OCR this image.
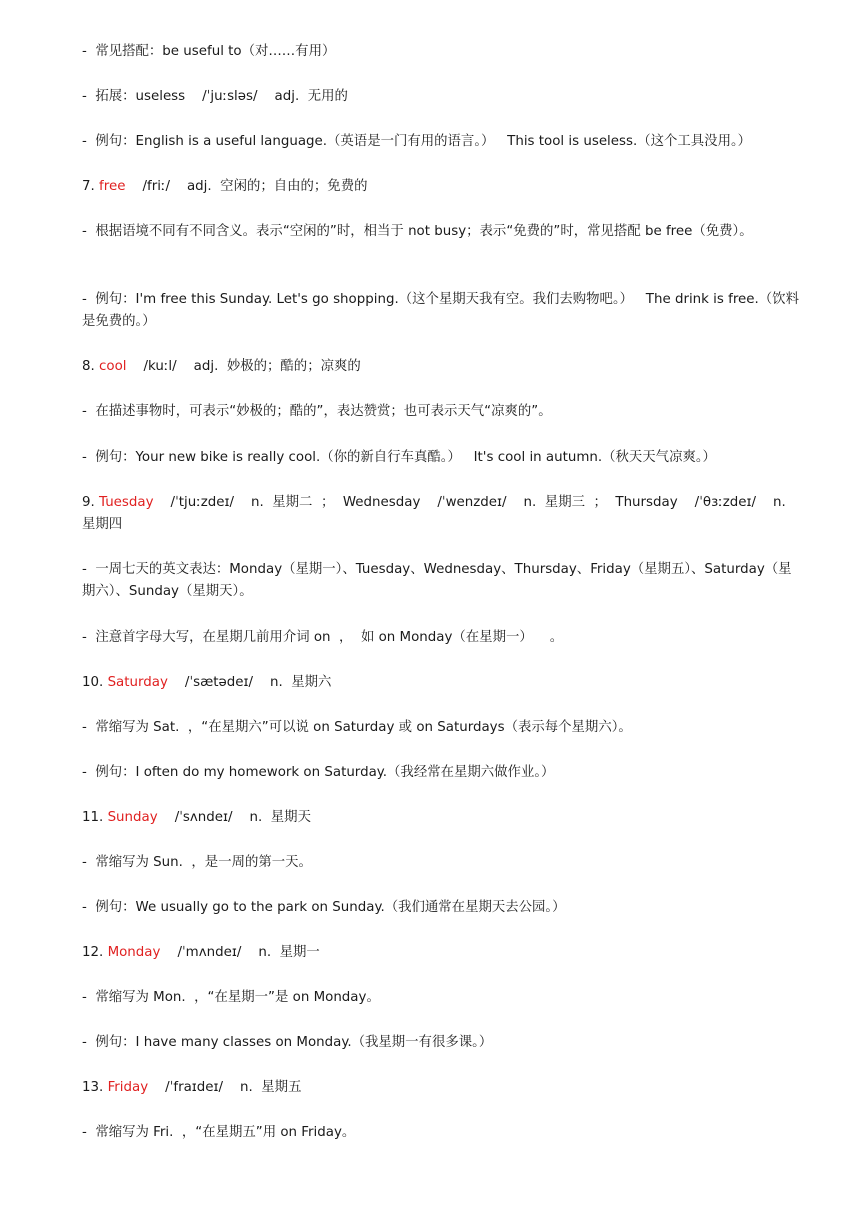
-  常见搭配：be useful to（对……有用）
-  拓展：useless    /ˈjuːsləs/    adj.  无用的
-  例句：English is a useful language.（英语是一门有用的语言。）   This tool is useless.（这个工具没用。）
7. free    /friː/    adj.  空闲的；自由的；免费的
-  根据语境不同有不同含义。表示“空闲的”时，相当于 not busy；表示“免费的”时，常见搭配 be free（免费）。
-  例句：I'm free this Sunday. Let's go shopping.（这个星期天我有空。我们去购物吧。）   The drink is free.（饮料是免费的。）
8. cool    /kuːl/    adj.  妙极的；酷的；凉爽的
-  在描述事物时，可表示“妙极的；酷的”，表达赞赏；也可表示天气“凉爽的”。
-  例句：Your new bike is really cool.（你的新自行车真酷。）   It's cool in autumn.（秋天天气凉爽。）
9. Tuesday    /ˈtjuːzdeɪ/    n.  星期二  ；  Wednesday    /ˈwenzdeɪ/    n.  星期三  ；  Thursday    /ˈθɜːzdeɪ/    n.  星期四
-  一周七天的英文表达：Monday（星期一）、Tuesday、Wednesday、Thursday、Friday（星期五）、Saturday（星期六）、Sunday（星期天）。
-  注意首字母大写，在星期几前用介词 on  ，  如 on Monday（在星期一）    。
10. Saturday    /ˈsætədeɪ/    n.  星期六
-  常缩写为 Sat.  ，“在星期六”可以说 on Saturday 或 on Saturdays（表示每个星期六）。
-  例句：I often do my homework on Saturday.（我经常在星期六做作业。）
11. Sunday    /ˈsʌndeɪ/    n.  星期天
-  常缩写为 Sun.  ，是一周的第一天。
-  例句：We usually go to the park on Sunday.（我们通常在星期天去公园。）
12. Monday    /ˈmʌndeɪ/    n.  星期一
-  常缩写为 Mon.  ，“在星期一”是 on Monday。
-  例句：I have many classes on Monday.（我星期一有很多课。）
13. Friday    /ˈfraɪdeɪ/    n.  星期五
-  常缩写为 Fri.  ，“在星期五”用 on Friday。
